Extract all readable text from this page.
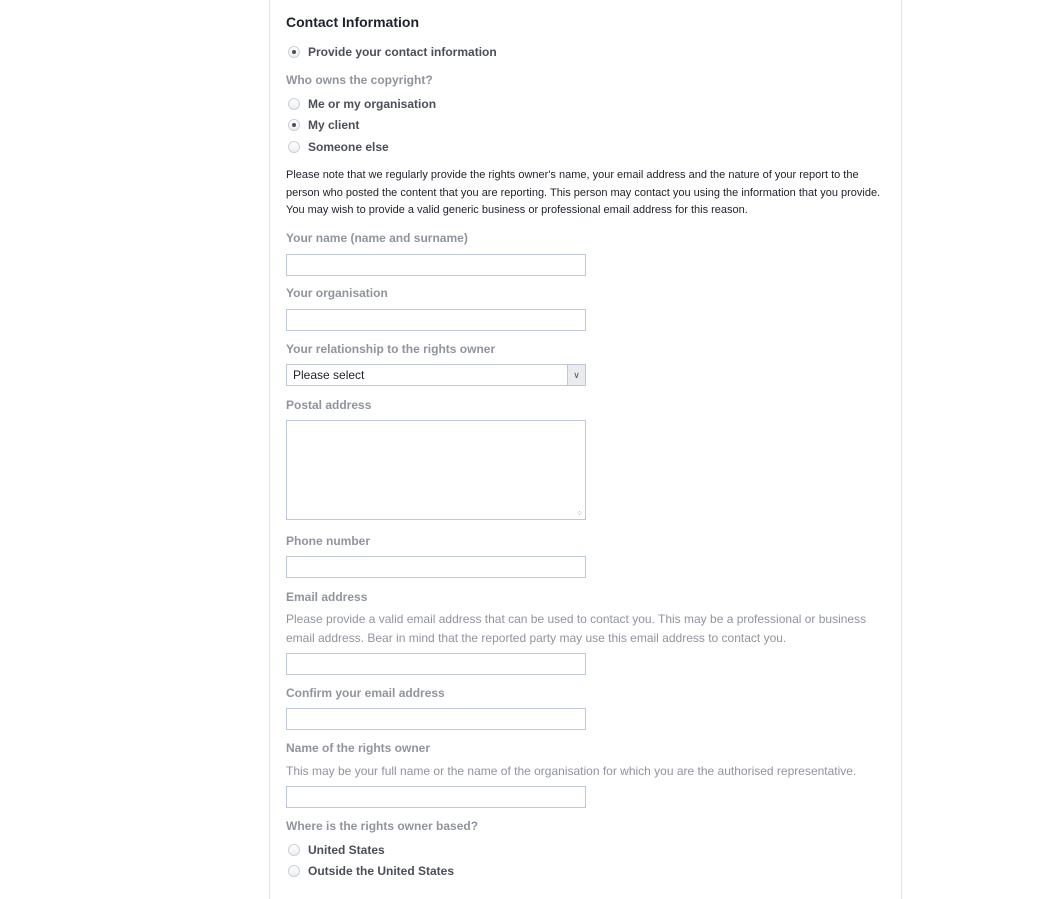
Contact Information
Provide your contact information
Who owns the copyright?
Me or my organisation
My client
Someone else
Please note that we regularly provide the rights owner's name, your email address and the nature of your report to the person who posted the content that you are reporting. This person may contact you using the information that you provide. You may wish to provide a valid generic business or professional email address for this reason.
Your name (name and surname)
Your organisation
Your relationship to the rights owner
Please select	∨
Postal address
⁘
Phone number
Email address
Please provide a valid email address that can be used to contact you. This may be a professional or business email address. Bear in mind that the reported party may use this email address to contact you.
Confirm your email address
Name of the rights owner
This may be your full name or the name of the organisation for which you are the authorised representative.
Where is the rights owner based?
United States
Outside the United States
